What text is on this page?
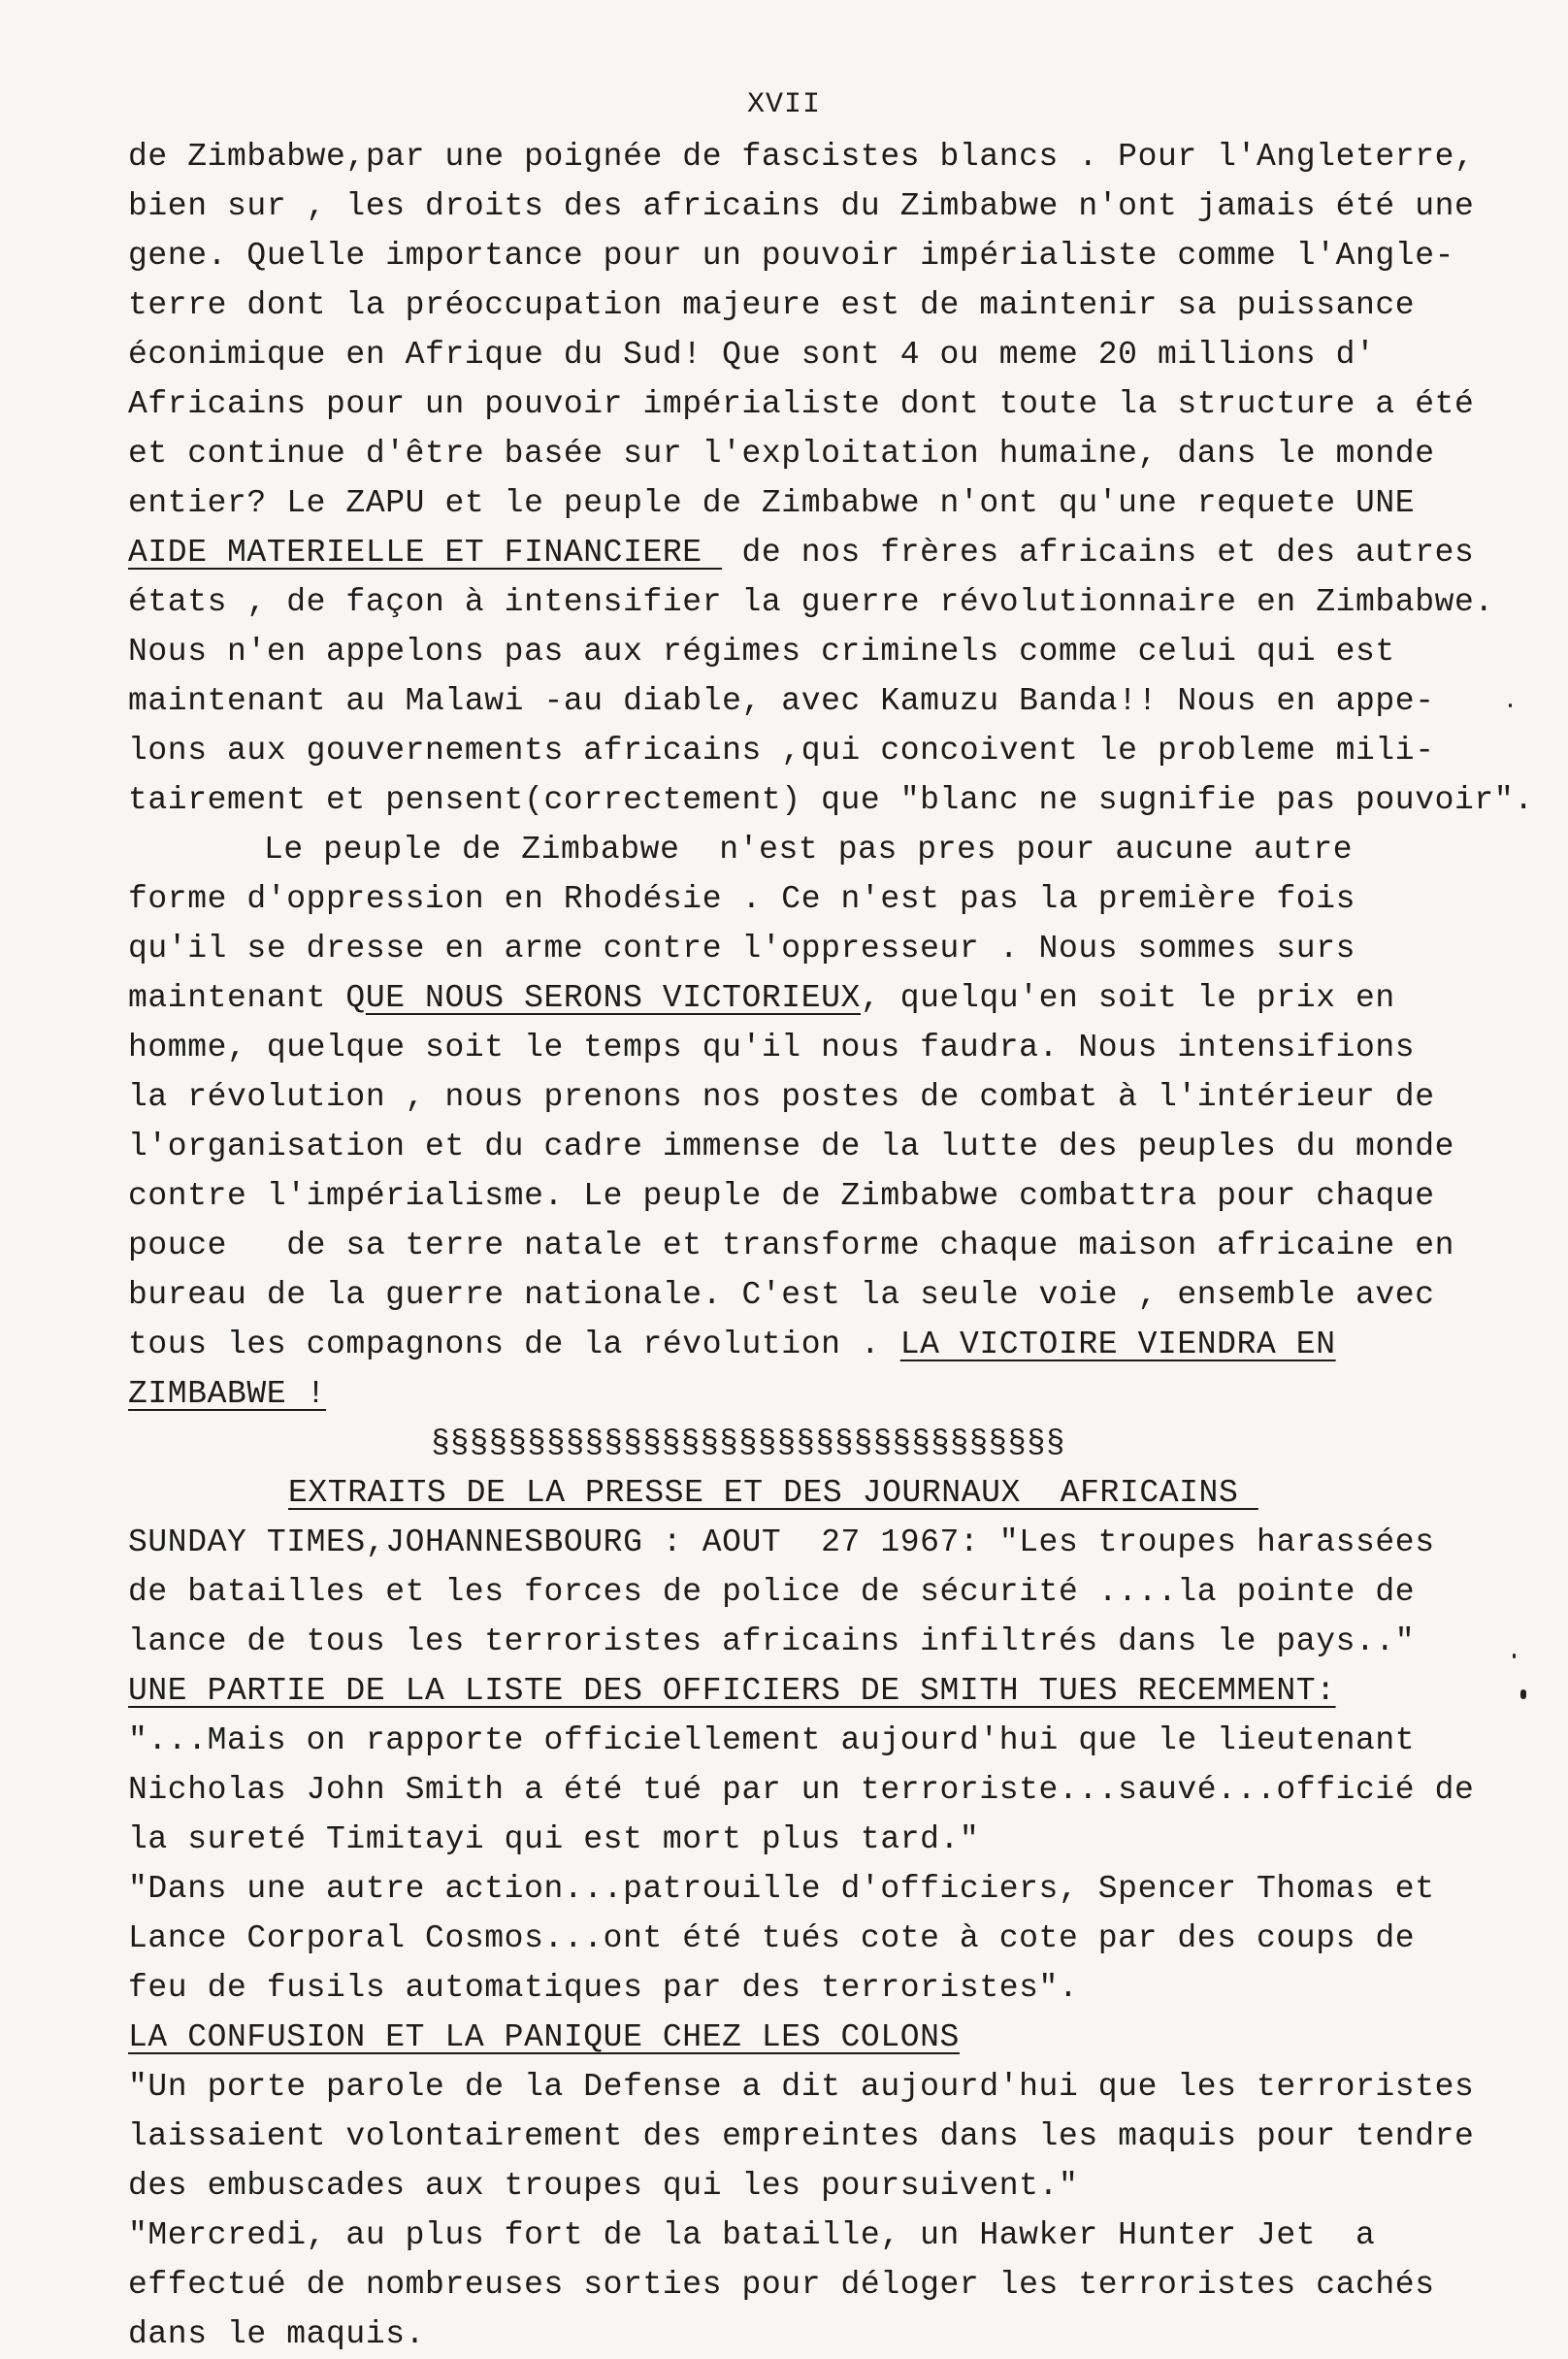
XVII
de Zimbabwe,par une poignée de fascistes blancs . Pour l'Angleterre,
bien sur , les droits des africains du Zimbabwe n'ont jamais été une
gene. Quelle importance pour un pouvoir impérialiste comme l'Angle-
terre dont la préoccupation majeure est de maintenir sa puissance
éconimique en Afrique du Sud! Que sont 4 ou meme 20 millions d'
Africains pour un pouvoir impérialiste dont toute la structure a été
et continue d'être basée sur l'exploitation humaine, dans le monde
entier? Le ZAPU et le peuple de Zimbabwe n'ont qu'une requete UNE
AIDE MATERIELLE ET FINANCIERE  de nos frères africains et des autres
états , de façon à intensifier la guerre révolutionnaire en Zimbabwe.
Nous n'en appelons pas aux régimes criminels comme celui qui est
maintenant au Malawi -au diable, avec Kamuzu Banda!! Nous en appe-
lons aux gouvernements africains ,qui concoivent le probleme mili-
tairement et pensent(correctement) que "blanc ne sugnifie pas pouvoir".
Le peuple de Zimbabwe  n'est pas pres pour aucune autre
forme d'oppression en Rhodésie . Ce n'est pas la première fois
qu'il se dresse en arme contre l'oppresseur . Nous sommes surs
maintenant QUE NOUS SERONS VICTORIEUX, quelqu'en soit le prix en
homme, quelque soit le temps qu'il nous faudra. Nous intensifions
la révolution , nous prenons nos postes de combat à l'intérieur de
l'organisation et du cadre immense de la lutte des peuples du monde
contre l'impérialisme. Le peuple de Zimbabwe combattra pour chaque
pouce   de sa terre natale et transforme chaque maison africaine en
bureau de la guerre nationale. C'est la seule voie , ensemble avec
tous les compagnons de la révolution . LA VICTOIRE VIENDRA EN
ZIMBABWE !
§§§§§§§§§§§§§§§§§§§§§§§§§§§§§§§§§
EXTRAITS DE LA PRESSE ET DES JOURNAUX  AFRICAINS
SUNDAY TIMES,JOHANNESBOURG : AOUT  27 1967: "Les troupes harassées
de batailles et les forces de police de sécurité ....la pointe de
lance de tous les terroristes africains infiltrés dans le pays.."
UNE PARTIE DE LA LISTE DES OFFICIERS DE SMITH TUES RECEMMENT:
"...Mais on rapporte officiellement aujourd'hui que le lieutenant
Nicholas John Smith a été tué par un terroriste...sauvé...officié de
la sureté Timitayi qui est mort plus tard."
"Dans une autre action...patrouille d'officiers, Spencer Thomas et
Lance Corporal Cosmos...ont été tués cote à cote par des coups de
feu de fusils automatiques par des terroristes".
LA CONFUSION ET LA PANIQUE CHEZ LES COLONS
"Un porte parole de la Defense a dit aujourd'hui que les terroristes
laissaient volontairement des empreintes dans les maquis pour tendre
des embuscades aux troupes qui les poursuivent."
"Mercredi, au plus fort de la bataille, un Hawker Hunter Jet  a
effectué de nombreuses sorties pour déloger les terroristes cachés
dans le maquis.
